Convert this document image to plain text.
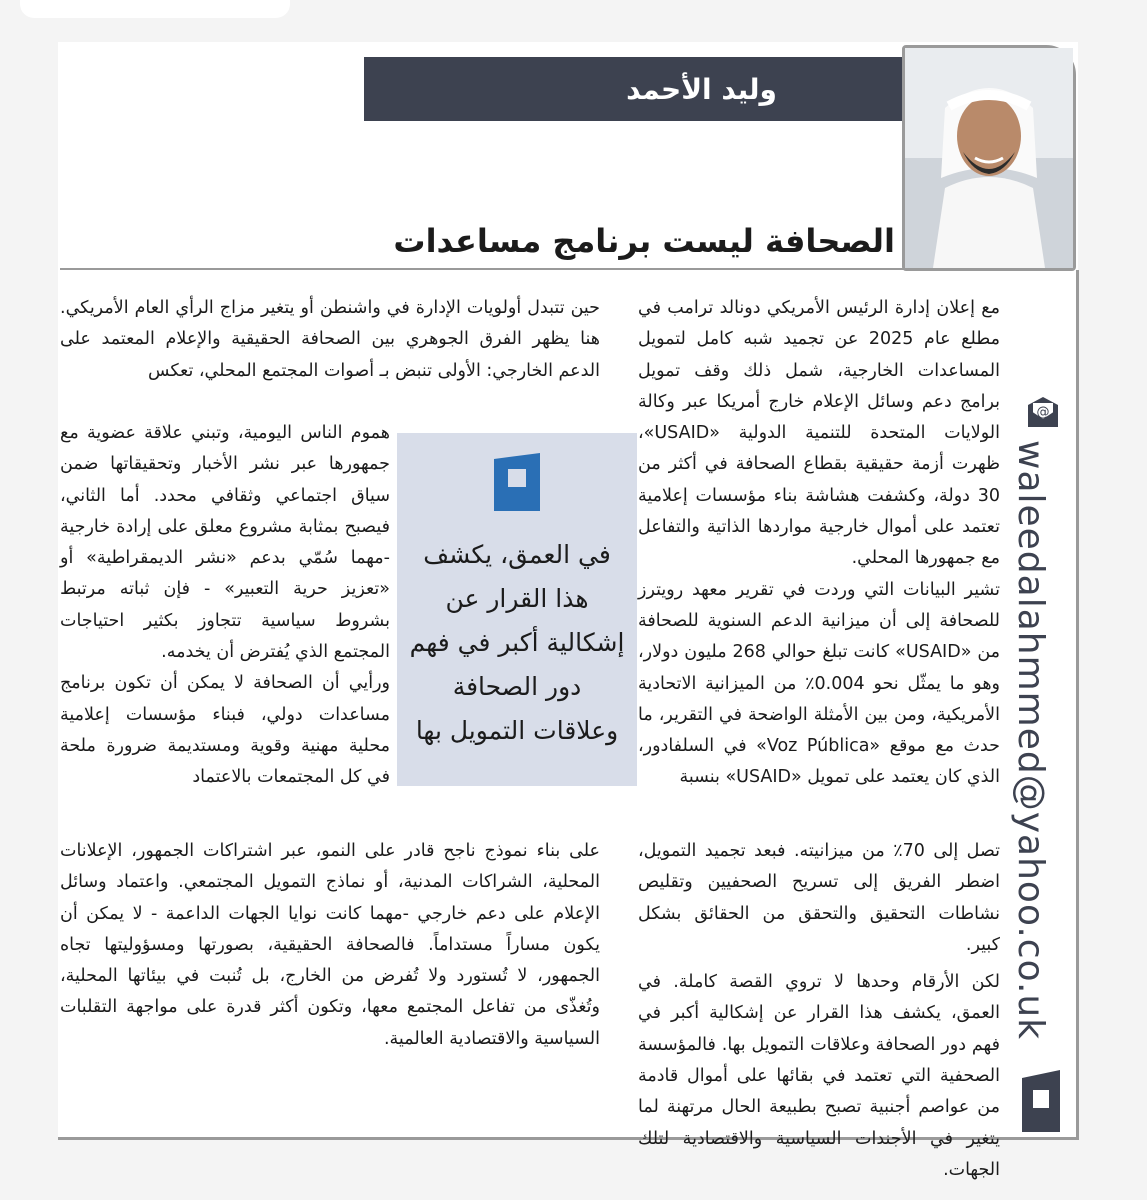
وليد الأحمد
الصحافة ليست برنامج مساعدات
@
waleedalahmmed@yahoo.co.uk

مع إعلان إدارة الرئيس الأمريكي دونالد ترامب في مطلع عام 2025 عن تجميد شبه كامل لتمويل المساعدات الخارجية، شمل ذلك وقف تمويل برامج دعم وسائل الإعلام خارج أمريكا عبر وكالة الولايات المتحدة للتنمية الدولية «USAID»، ظهرت أزمة حقيقية بقطاع الصحافة في أكثر من 30 دولة، وكشفت هشاشة بناء مؤسسات إعلامية تعتمد على أموال خارجية مواردها الذاتية والتفاعل مع جمهورها المحلي.

تشير البيانات التي وردت في تقرير معهد رويترز للصحافة إلى أن ميزانية الدعم السنوية للصحافة من «USAID» كانت تبلغ حوالي 268 مليون دولار، وهو ما يمثّل نحو 0.004٪ من الميزانية الاتحادية الأمريكية، ومن بين الأمثلة الواضحة في التقرير، ما حدث مع موقع «Voz Pública» في السلفادور، الذي كان يعتمد على تمويل «USAID» بنسبة

حين تتبدل أولويات الإدارة في واشنطن أو يتغير مزاج الرأي العام الأمريكي. هنا يظهر الفرق الجوهري بين الصحافة الحقيقية والإعلام المعتمد على الدعم الخارجي: الأولى تنبض بـ أصوات المجتمع المحلي، تعكس

هموم الناس اليومية، وتبني علاقة عضوية مع جمهورها عبر نشر الأخبار وتحقيقاتها ضمن سياق اجتماعي وثقافي محدد. أما الثاني، فيصبح بمثابة مشروع معلق على إرادة خارجية -مهما سُمّي بدعم «نشر الديمقراطية» أو «تعزيز حرية التعبير» - فإن ثباته مرتبط بشروط سياسية تتجاوز بكثير احتياجات المجتمع الذي يُفترض أن يخدمه.

ورأيي أن الصحافة لا يمكن أن تكون برنامج مساعدات دولي، فبناء مؤسسات إعلامية محلية مهنية وقوية ومستديمة ضرورة ملحة في كل المجتمعات بالاعتماد

تصل إلى 70٪ من ميزانيته. فبعد تجميد التمويل، اضطر الفريق إلى تسريح الصحفيين وتقليص نشاطات التحقيق والتحقق من الحقائق بشكل كبير.

لكن الأرقام وحدها لا تروي القصة كاملة. في العمق، يكشف هذا القرار عن إشكالية أكبر في فهم دور الصحافة وعلاقات التمويل بها. فالمؤسسة الصحفية التي تعتمد في بقائها على أموال قادمة من عواصم أجنبية تصبح بطبيعة الحال مرتهنة لما يتغير في الأجندات السياسية والاقتصادية لتلك الجهات.

على بناء نموذج ناجح قادر على النمو، عبر اشتراكات الجمهور، الإعلانات المحلية، الشراكات المدنية، أو نماذج التمويل المجتمعي. واعتماد وسائل الإعلام على دعم خارجي -مهما كانت نوايا الجهات الداعمة - لا يمكن أن يكون مساراً مستداماً. فالصحافة الحقيقية، بصورتها ومسؤوليتها تجاه الجمهور، لا تُستورد ولا تُفرض من الخارج، بل تُنبت في بيئاتها المحلية، وتُغذّى من تفاعل المجتمع معها، وتكون أكثر قدرة على مواجهة التقلبات السياسية والاقتصادية العالمية.

في العمق، يكشف هذا القرار عن إشكالية أكبر في فهم دور الصحافة وعلاقات التمويل بها
